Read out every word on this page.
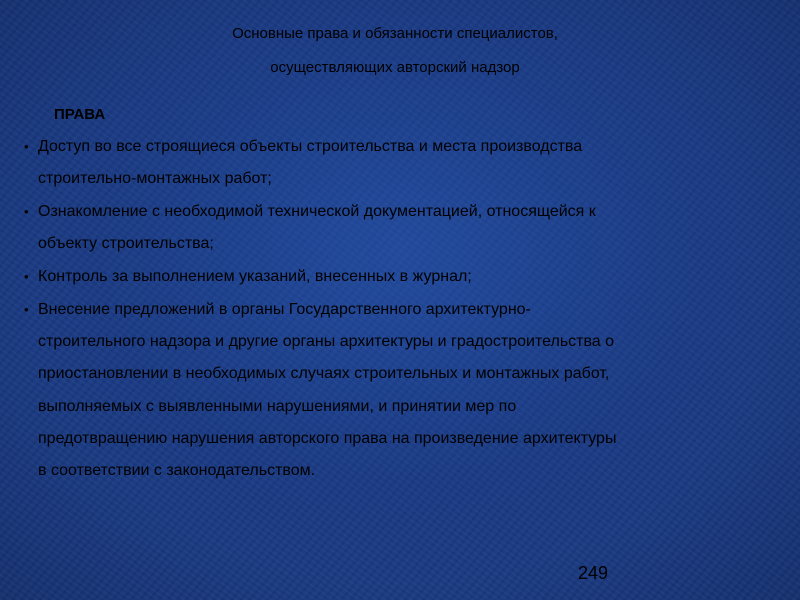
Основные права и обязанности специалистов,
осуществляющих авторский надзор
ПРАВА
• Доступ во все строящиеся объекты строительства и места производства
строительно-монтажных работ;
• Ознакомление с необходимой технической документацией, относящейся к
объекту строительства;
• Контроль за выполнением указаний, внесенных в журнал;
• Внесение предложений в органы Государственного архитектурно-
строительного надзора и другие органы архитектуры и градостроительства о
приостановлении в необходимых случаях строительных и монтажных работ,
выполняемых с выявленными нарушениями, и принятии мер по
предотвращению нарушения авторского права на произведение архитектуры
в соответствии с законодательством.
249
